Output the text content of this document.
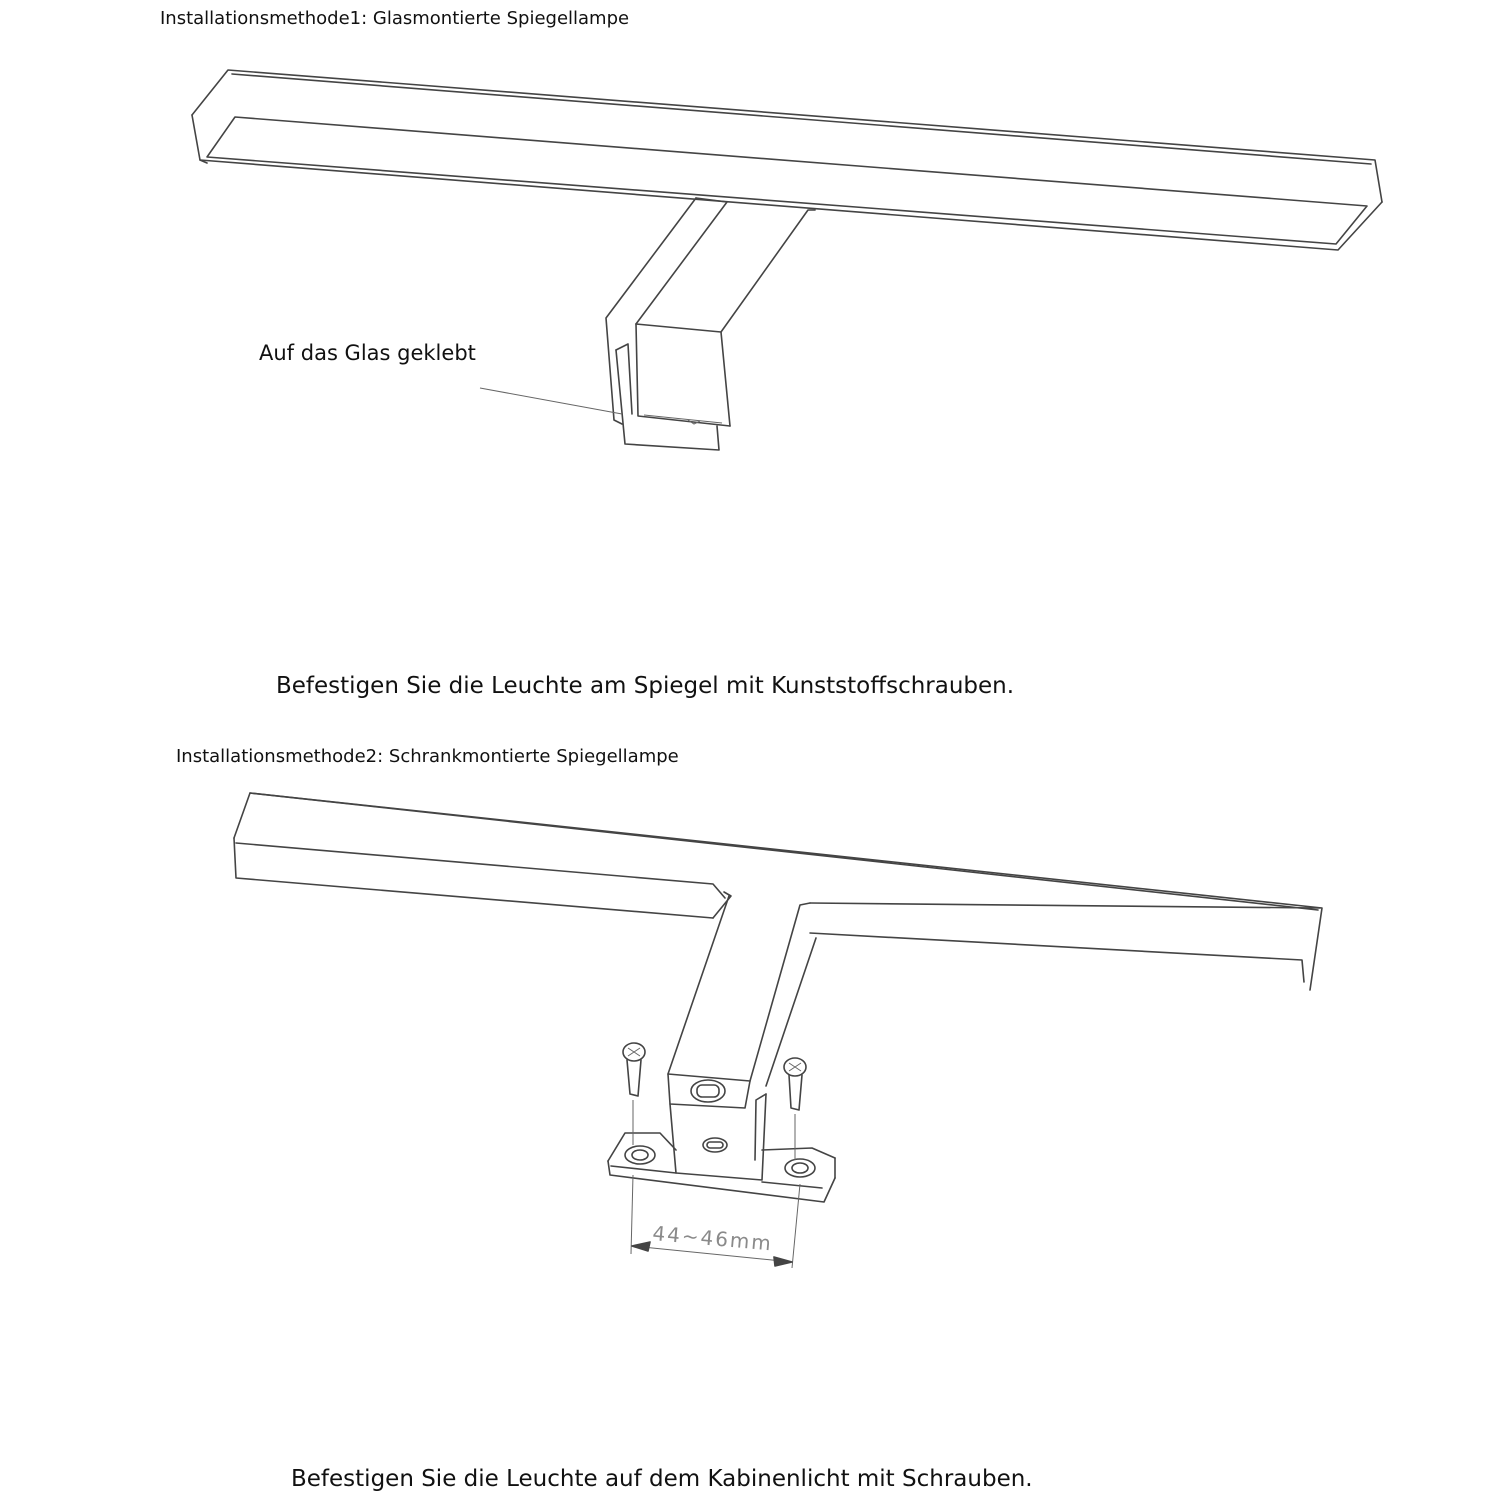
Installationsmethode1: Glasmontierte Spiegellampe
Auf das Glas geklebt
Befestigen Sie die Leuchte am Spiegel mit Kunststoffschrauben.
Installationsmethode2: Schrankmontierte Spiegellampe
Befestigen Sie die Leuchte auf dem Kabinenlicht mit Schrauben.
44~46mm
